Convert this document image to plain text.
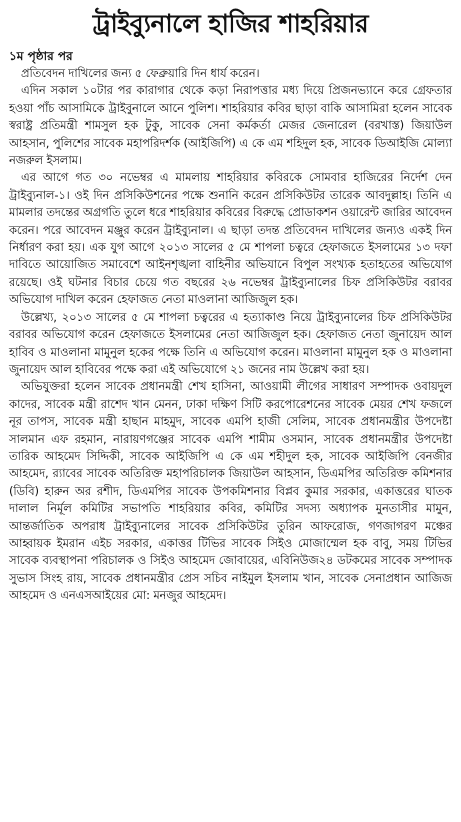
ট্রাইব্যুনালে হাজির শাহরিয়ার
১ম পৃষ্ঠার পর

প্রতিবেদন দাখিলের জন্য ৫ ফেব্রুয়ারি দিন ধার্য করেন।

এদিন সকাল ১০টার পর কারাগার থেকে কড়া নিরাপত্তার মধ্য দিয়ে প্রিজনভ্যানে করে গ্রেফতার হওয়া পাঁচ আসামিকে ট্রাইবুনালে আনে পুলিশ। শাহরিয়ার কবির ছাড়া বাকি আসামিরা হলেন সাবেক স্বরাষ্ট্র প্রতিমন্ত্রী শামসুল হক টুকু, সাবেক সেনা কর্মকর্তা মেজর জেনারেল (বরখাস্ত) জিয়াউল আহসান, পুলিশের সাবেক মহাপরিদর্শক (আইজিপি) এ কে এম শহিদুল হক, সাবেক ডিআইজি মোল্যা নজরুল ইসলাম।

এর আগে গত ৩০ নভেম্বর এ মামলায় শাহরিয়ার কবিরকে সোমবার হাজিরের নির্দেশ দেন ট্রাইব্যুনাল-১। ওই দিন প্রসিকিউশনের পক্ষে শুনানি করেন প্রসিকিউটর তারেক আবদুল্লাহ। তিনি এ মামলার তদন্তের অগ্রগতি তুলে ধরে শাহরিয়ার কবিরের বিরুদ্ধে প্রোডাকশন ওয়ারেন্ট জারির আবেদন করেন। পরে আবেদন মঞ্জুর করেন ট্রাইব্যুনাল। এ ছাড়া তদন্ত প্রতিবেদন দাখিলের জন্যও একই দিন নির্ধারণ করা হয়। এক যুগ আগে ২০১৩ সালের ৫ মে শাপলা চত্বরে হেফাজতে ইসলামের ১৩ দফা দাবিতে আয়োজিত সমাবেশে আইনশৃঙ্খলা বাহিনীর অভিযানে বিপুল সংখ্যক হতাহতের অভিযোগ রয়েছে। ওই ঘটনার বিচার চেয়ে গত বছরের ২৬ নভেম্বর ট্রাইব্যুনালের চিফ প্রসিকিউটর বরাবর অভিযোগ দাখিল করেন হেফাজত নেতা মাওলানা আজিজুল হক।

উল্লেখ্য, ২০১৩ সালের ৫ মে শাপলা চত্বরের এ হত্যাকাণ্ড নিয়ে ট্রাইব্যুনালের চিফ প্রসিকিউটর বরাবর অভিযোগ করেন হেফাজতে ইসলামের নেতা আজিজুল হক। হেফাজত নেতা জুনায়েদ আল হাবিব ও মাওলানা মামুনুল হকের পক্ষে তিনি এ অভিযোগ করেন। মাওলানা মামুনুল হক ও মাওলানা জুনায়েদ আল হাবিবের পক্ষে করা এই অভিযোগে ২১ জনের নাম উল্লেখ করা হয়।

অভিযুক্তরা হলেন সাবেক প্রধানমন্ত্রী শেখ হাসিনা, আওয়ামী লীগের সাধারণ সম্পাদক ওবায়দুল কাদের, সাবেক মন্ত্রী রাশেদ খান মেনন, ঢাকা দক্ষিণ সিটি করপোরেশনের সাবেক মেয়র শেখ ফজলে নূর তাপস, সাবেক মন্ত্রী হাছান মাহমুদ, সাবেক এমপি হাজী সেলিম, সাবেক প্রধানমন্ত্রীর উপদেষ্টা সালমান এফ রহমান, নারায়ণগঞ্জের সাবেক এমপি শামীম ওসমান, সাবেক প্রধানমন্ত্রীর উপদেষ্টা তারিক আহমেদ সিদ্দিকী, সাবেক আইজিপি এ কে এম শহীদুল হক, সাবেক আইজিপি বেনজীর আহমেদ, র‍্যাবের সাবেক অতিরিক্ত মহাপরিচালক জিয়াউল আহসান, ডিএমপির অতিরিক্ত কমিশনার (ডিবি) হারুন অর রশীদ, ডিএমপির সাবেক উপকমিশনার বিপ্লব কুমার সরকার, একাত্তরের ঘাতক দালাল নির্মূল কমিটির সভাপতি শাহরিয়ার কবির, কমিটির সদস্য অধ্যাপক মুনতাসীর মামুন, আন্তর্জাতিক অপরাধ ট্রাইব্যুনালের সাবেক প্রসিকিউটর তুরিন আফরোজ, গণজাগরণ মঞ্চের আহ্বায়ক ইমরান এইচ সরকার, একাত্তর টিভির সাবেক সিইও মোজাম্মেল হক বাবু, সময় টিভির সাবেক ব্যবস্থাপনা পরিচালক ও সিইও আহমেদ জোবায়ের, এবিনিউজ২৪ ডটকমের সাবেক সম্পাদক সুভাস সিংহ রায়, সাবেক প্রধানমন্ত্রীর প্রেস সচিব নাইমুল ইসলাম খান, সাবেক সেনাপ্রধান আজিজ আহমেদ ও এনএসআইয়ের মো: মনজুর আহমেদ।
